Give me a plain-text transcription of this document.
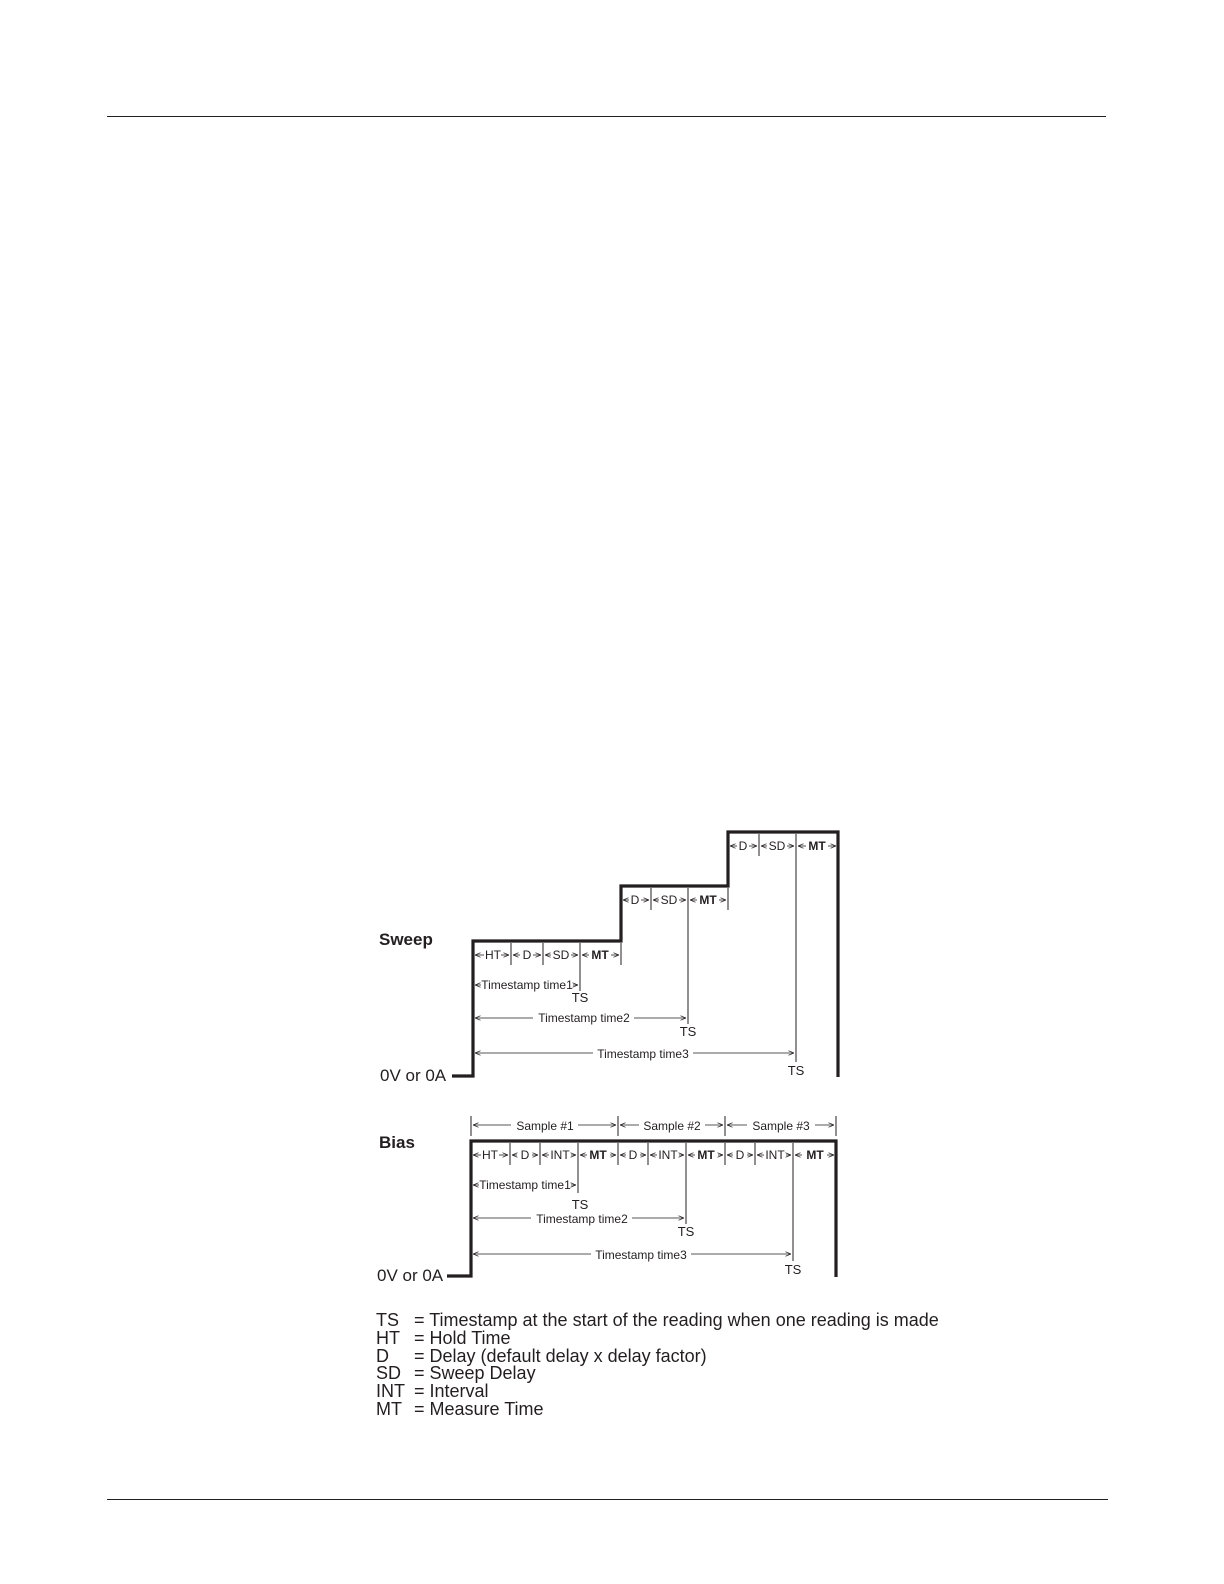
Sweep
0V or 0A
HT D SD MT
D SD MT
D SD MT
Timestamp time1
Timestamp time2
Timestamp time3
TS
TS
TS
Bias
0V or 0A
Sample #1	Sample #2	Sample #3
HT D INT MT D INT MT D INT MT
Timestamp time1
Timestamp time2
Timestamp time3
TS
TS
TS
TS = Timestamp at the start of the reading when one reading is made
HT = Hold Time
D	= Delay (default delay x delay factor)
SD = Sweep Delay
INT = Interval
MT = Measure Time
